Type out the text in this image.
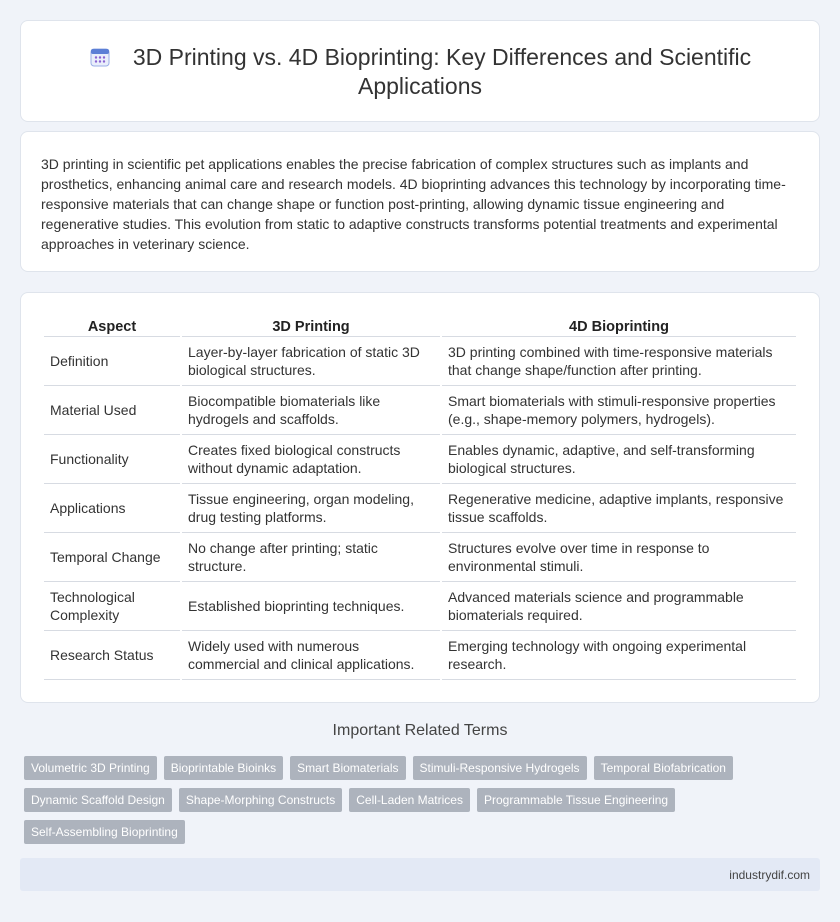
3D Printing vs. 4D Bioprinting: Key Differences and Scientific Applications

3D printing in scientific pet applications enables the precise fabrication of complex structures such as implants and prosthetics, enhancing animal care and research models. 4D bioprinting advances this technology by incorporating time-responsive materials that can change shape or function post-printing, allowing dynamic tissue engineering and regenerative studies. This evolution from static to adaptive constructs transforms potential treatments and experimental approaches in veterinary science.

Aspect	3D Printing	4D Bioprinting
Definition	Layer-by-layer fabrication of static 3D biological structures.	3D printing combined with time-responsive materials that change shape/function after printing.
Material Used	Biocompatible biomaterials like hydrogels and scaffolds.	Smart biomaterials with stimuli-responsive properties (e.g., shape-memory polymers, hydrogels).
Functionality	Creates fixed biological constructs without dynamic adaptation.	Enables dynamic, adaptive, and self-transforming biological structures.
Applications	Tissue engineering, organ modeling, drug testing platforms.	Regenerative medicine, adaptive implants, responsive tissue scaffolds.
Temporal Change	No change after printing; static structure.	Structures evolve over time in response to environmental stimuli.
Technological Complexity	Established bioprinting techniques.	Advanced materials science and programmable biomaterials required.
Research Status	Widely used with numerous commercial and clinical applications.	Emerging technology with ongoing experimental research.
Important Related Terms
Volumetric 3D Printing	Bioprintable Bioinks	Smart Biomaterials	Stimuli-Responsive Hydrogels	Temporal Biofabrication
Dynamic Scaffold Design	Shape-Morphing Constructs	Cell-Laden Matrices	Programmable Tissue Engineering
Self-Assembling Bioprinting
industrydif.com
